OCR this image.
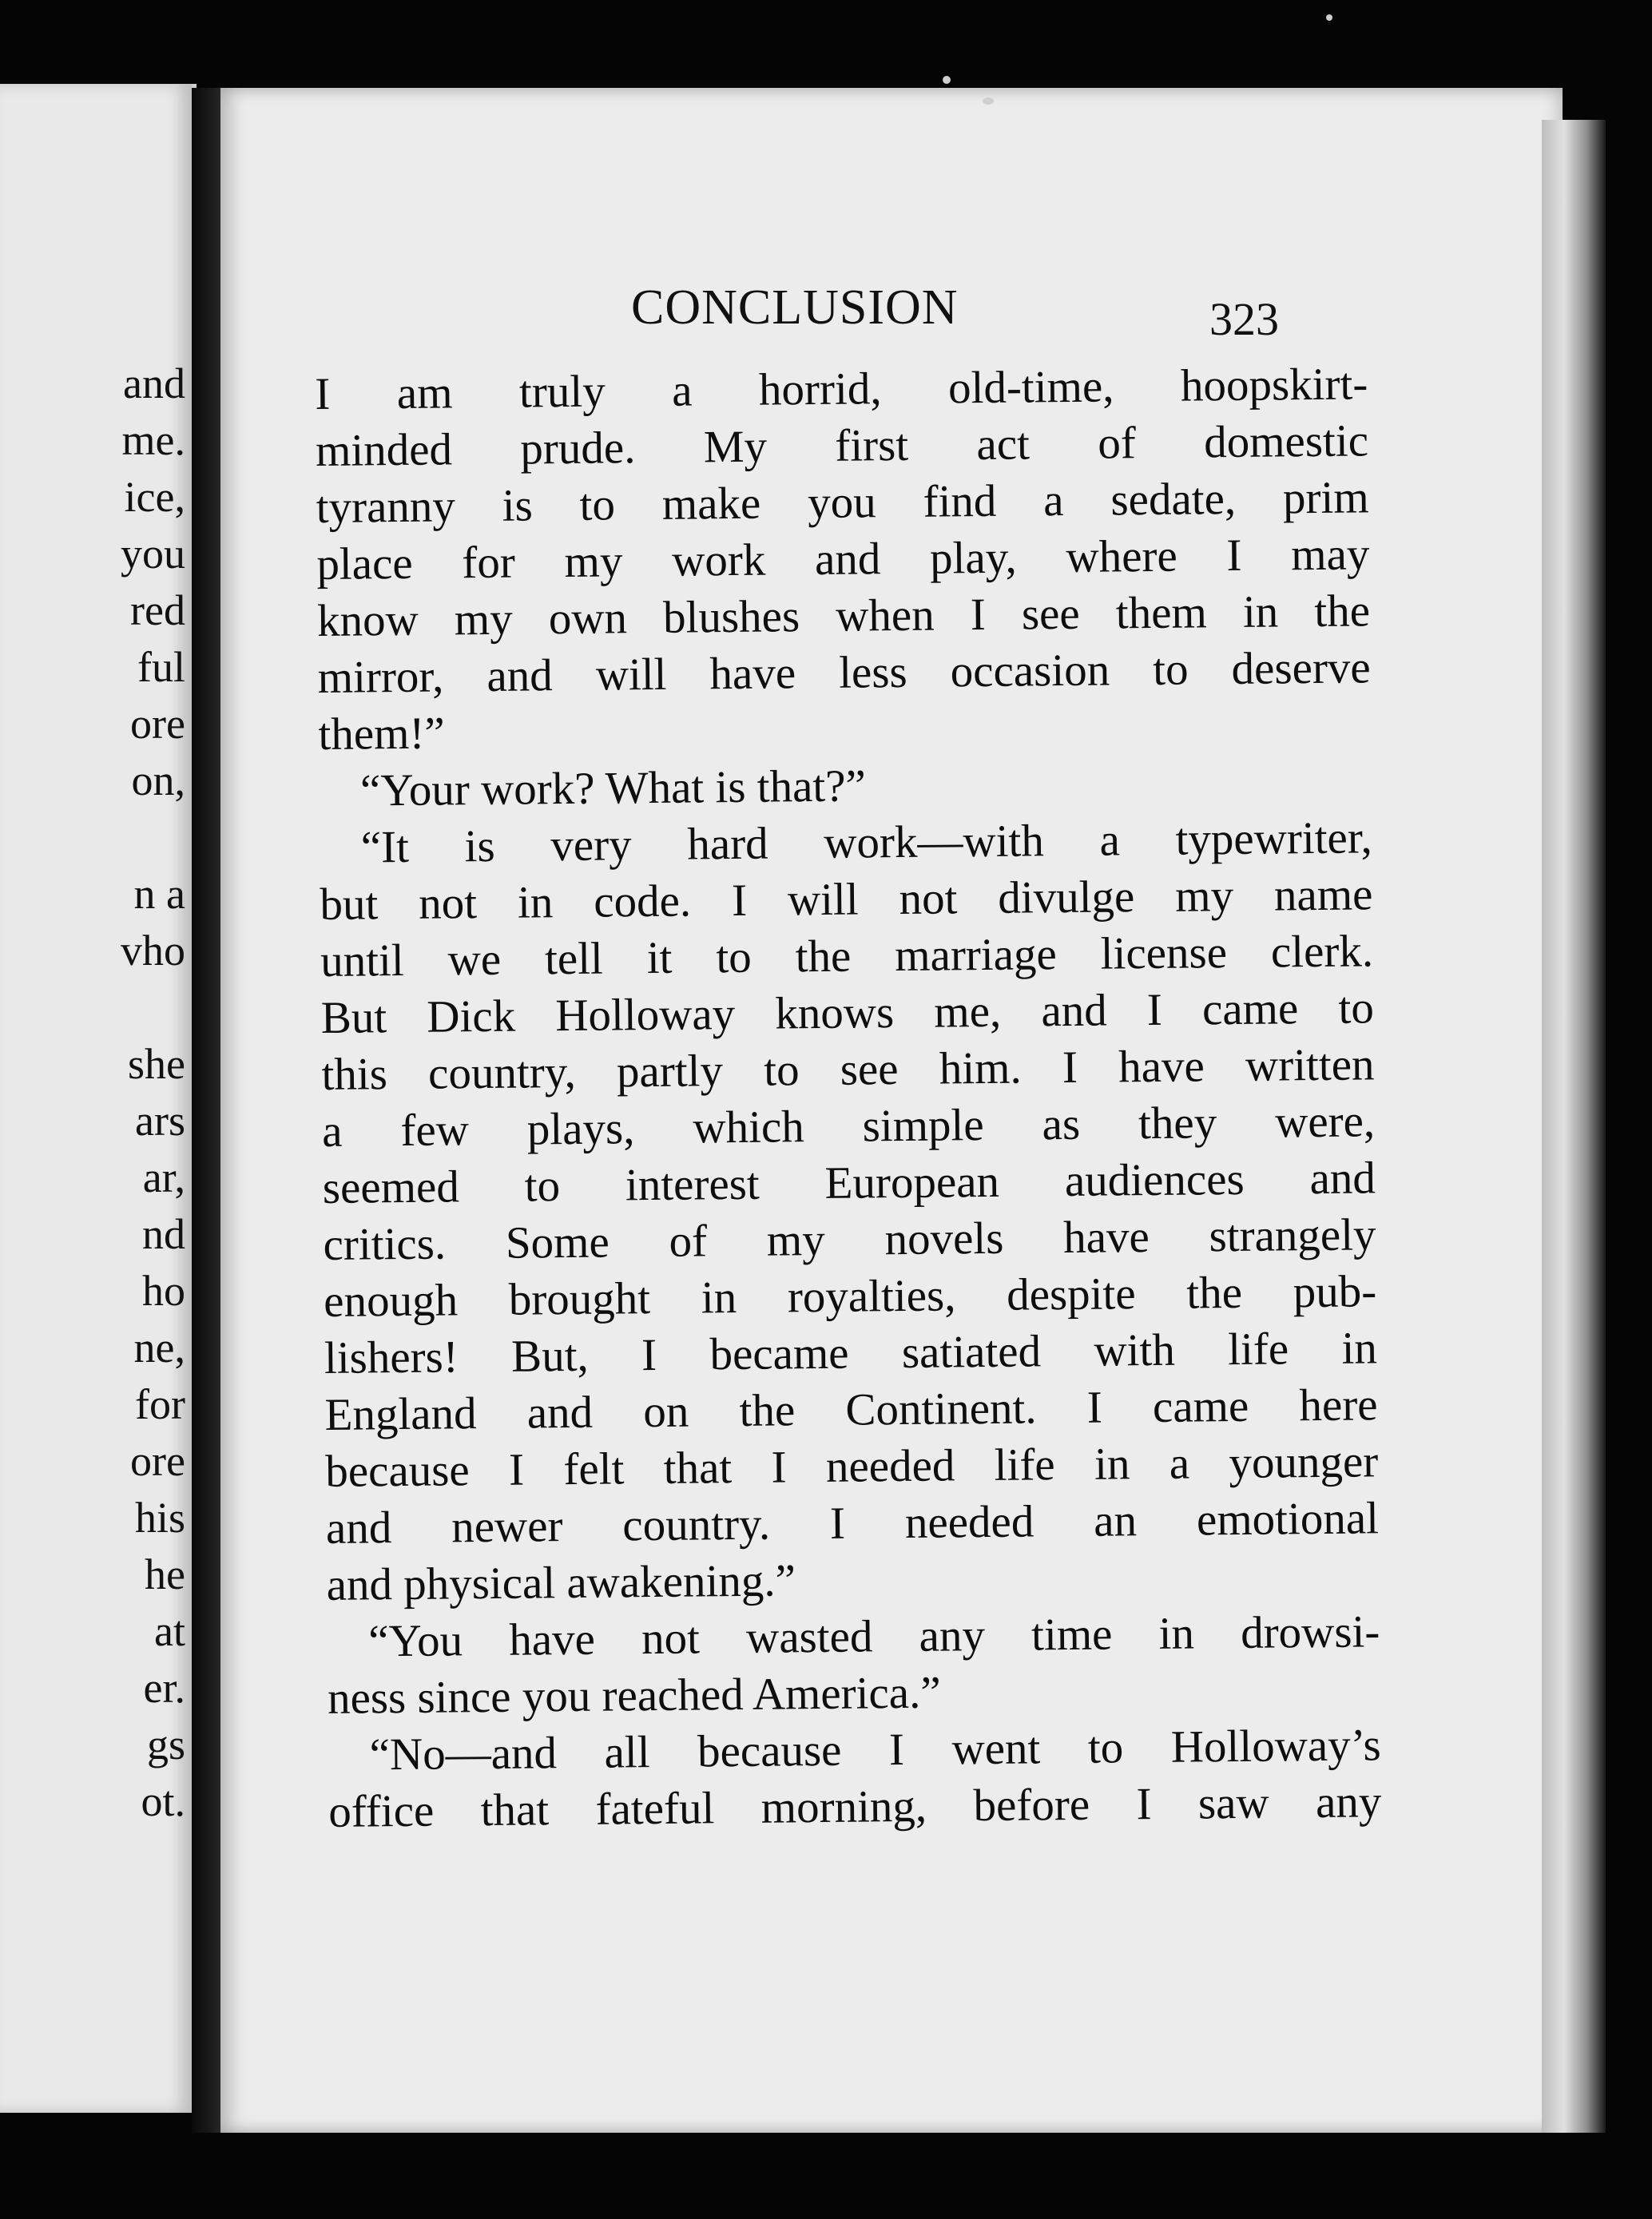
and
me.
ice,
you
red
ful
ore
on,
n a
vho
she
ars
ar,
nd
ho
ne,
for
ore
his
he
at
er.
gs
ot.
CONCLUSION	323
I am truly a horrid, old-time, hoopskirt-
minded prude. My first act of domestic
tyranny is to make you find a sedate, prim
place for my work and play, where I may
know my own blushes when I see them in the
mirror, and will have less occasion to deserve
them!”
“Your work? What is that?”
“It is very hard work—with a typewriter,
but not in code. I will not divulge my name
until we tell it to the marriage license clerk.
But Dick Holloway knows me, and I came to
this country, partly to see him. I have written
a few plays, which simple as they were,
seemed to interest European audiences and
critics. Some of my novels have strangely
enough brought in royalties, despite the pub-
lishers! But, I became satiated with life in
England and on the Continent. I came here
because I felt that I needed life in a younger
and newer country. I needed an emotional
and physical awakening.”
“You have not wasted any time in drowsi-
ness since you reached America.”
“No—and all because I went to Holloway’s
office that fateful morning, before I saw any
